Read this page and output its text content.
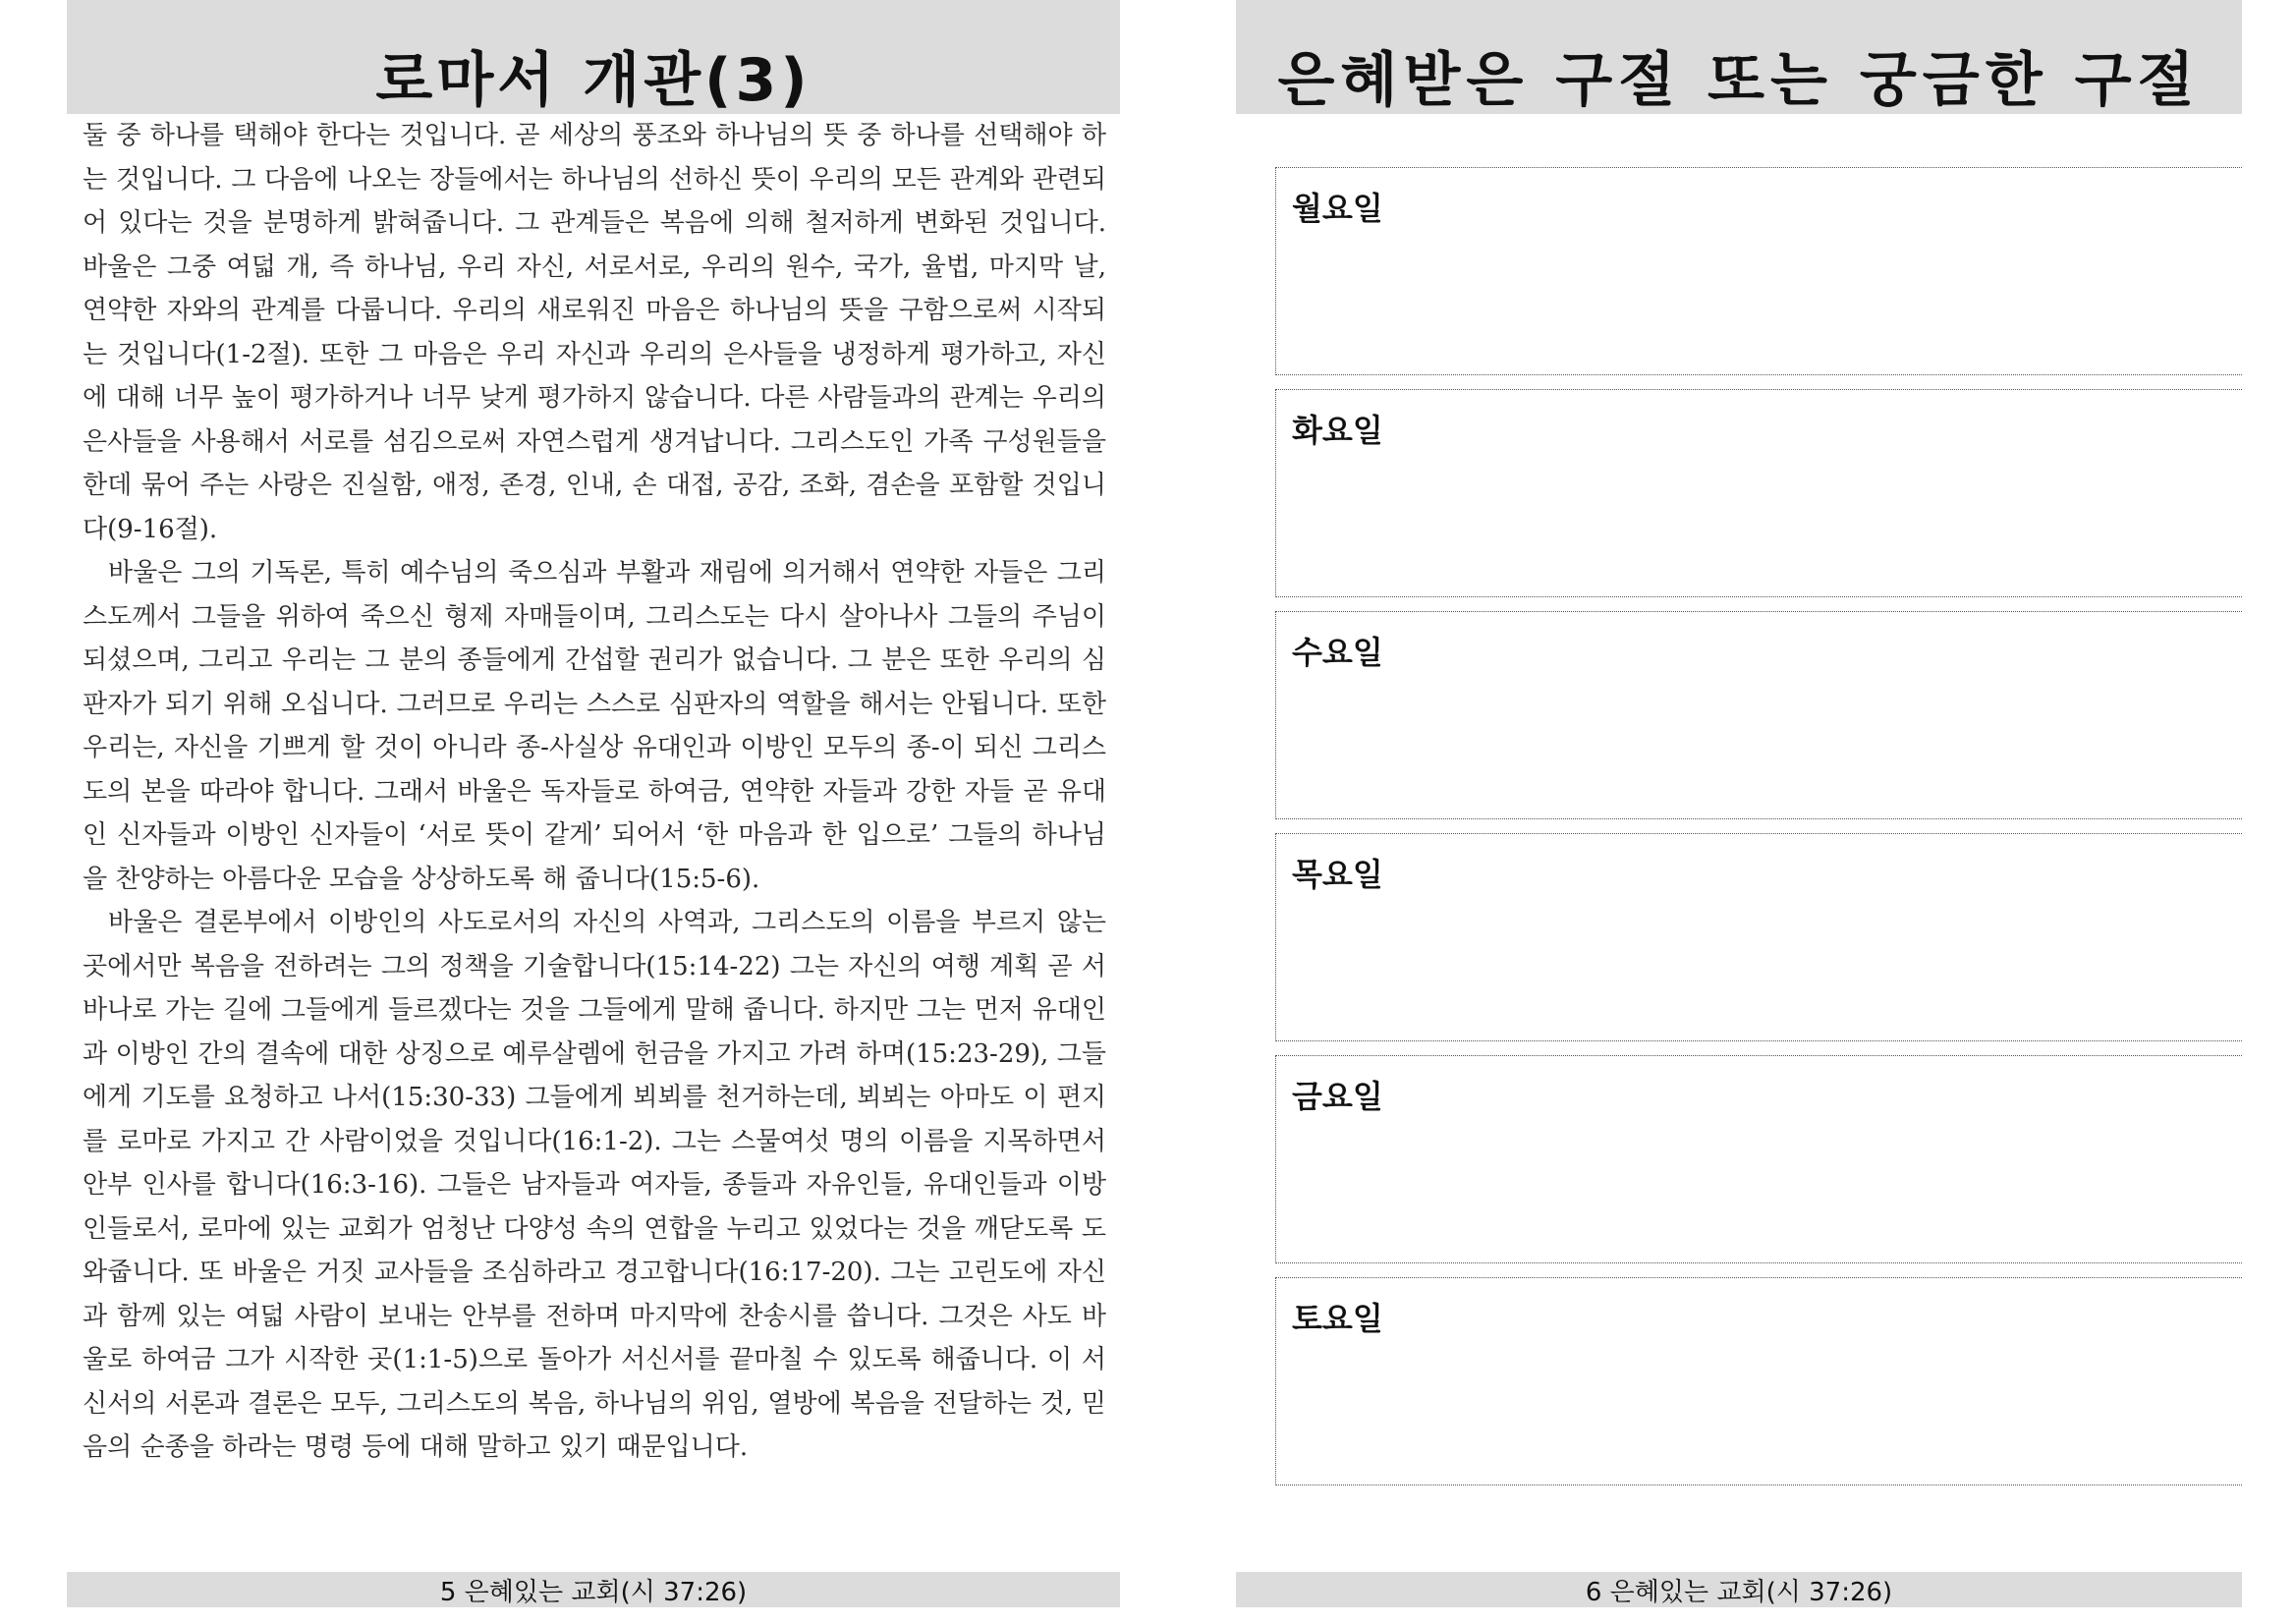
로마서 개관(3)

둘 중 하나를 택해야 한다는 것입니다. 곧 세상의 풍조와 하나님의 뜻 중 하나를 선택해야 하는 것입니다. 그 다음에 나오는 장들에서는 하나님의 선하신 뜻이 우리의 모든 관계와 관련되어 있다는 것을 분명하게 밝혀줍니다. 그 관계들은 복음에 의해 철저하게 변화된 것입니다. 바울은 그중 여덟 개, 즉 하나님, 우리 자신, 서로서로, 우리의 원수, 국가, 율법, 마지막 날, 연약한 자와의 관계를 다룹니다. 우리의 새로워진 마음은 하나님의 뜻을 구함으로써 시작되는 것입니다(1-2절). 또한 그 마음은 우리 자신과 우리의 은사들을 냉정하게 평가하고, 자신에 대해 너무 높이 평가하거나 너무 낮게 평가하지 않습니다. 다른 사람들과의 관계는 우리의 은사들을 사용해서 서로를 섬김으로써 자연스럽게 생겨납니다. 그리스도인 가족 구성원들을 한데 묶어 주는 사랑은 진실함, 애정, 존경, 인내, 손 대접, 공감, 조화, 겸손을 포함할 것입니다(9-16절).

바울은 그의 기독론, 특히 예수님의 죽으심과 부활과 재림에 의거해서 연약한 자들은 그리스도께서 그들을 위하여 죽으신 형제 자매들이며, 그리스도는 다시 살아나사 그들의 주님이 되셨으며, 그리고 우리는 그 분의 종들에게 간섭할 권리가 없습니다. 그 분은 또한 우리의 심판자가 되기 위해 오십니다. 그러므로 우리는 스스로 심판자의 역할을 해서는 안됩니다. 또한 우리는, 자신을 기쁘게 할 것이 아니라 종-사실상 유대인과 이방인 모두의 종-이 되신 그리스도의 본을 따라야 합니다. 그래서 바울은 독자들로 하여금, 연약한 자들과 강한 자들 곧 유대인 신자들과 이방인 신자들이 ‘서로 뜻이 같게’ 되어서 ‘한 마음과 한 입으로’ 그들의 하나님을 찬양하는 아름다운 모습을 상상하도록 해 줍니다(15:5-6).

바울은 결론부에서 이방인의 사도로서의 자신의 사역과, 그리스도의 이름을 부르지 않는 곳에서만 복음을 전하려는 그의 정책을 기술합니다(15:14-22) 그는 자신의 여행 계획 곧 서바나로 가는 길에 그들에게 들르겠다는 것을 그들에게 말해 줍니다. 하지만 그는 먼저 유대인과 이방인 간의 결속에 대한 상징으로 예루살렘에 헌금을 가지고 가려 하며(15:23-29), 그들에게 기도를 요청하고 나서(15:30-33) 그들에게 뵈뵈를 천거하는데, 뵈뵈는 아마도 이 편지를 로마로 가지고 간 사람이었을 것입니다(16:1-2). 그는 스물여섯 명의 이름을 지목하면서 안부 인사를 합니다(16:3-16). 그들은 남자들과 여자들, 종들과 자유인들, 유대인들과 이방인들로서, 로마에 있는 교회가 엄청난 다양성 속의 연합을 누리고 있었다는 것을 깨닫도록 도와줍니다. 또 바울은 거짓 교사들을 조심하라고 경고합니다(16:17-20). 그는 고린도에 자신과 함께 있는 여덟 사람이 보내는 안부를 전하며 마지막에 찬송시를 씁니다. 그것은 사도 바울로 하여금 그가 시작한 곳(1:1-5)으로 돌아가 서신서를 끝마칠 수 있도록 해줍니다. 이 서신서의 서론과 결론은 모두, 그리스도의 복음, 하나님의 위임, 열방에 복음을 전달하는 것, 믿음의 순종을 하라는 명령 등에 대해 말하고 있기 때문입니다.

5 은혜있는 교회(시 37:26)
은혜받은 구절 또는 궁금한 구절
월요일
화요일
수요일
목요일
금요일
토요일
6 은혜있는 교회(시 37:26)
